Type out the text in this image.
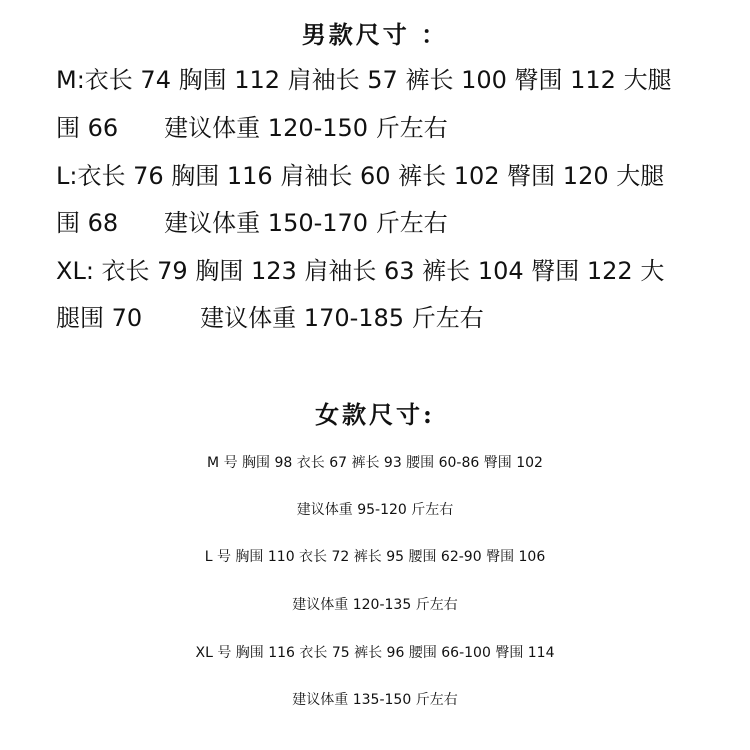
男款尺寸 ：
M:衣长 74 胸围 112 肩袖长 57 裤长 100 臀围 112 大腿
围 66 建议体重 120-150 斤左右
L:衣长 76 胸围 116 肩袖长 60 裤长 102 臀围 120 大腿
围 68 建议体重 150-170 斤左右
XL: 衣长 79 胸围 123 肩袖长 63 裤长 104 臀围 122 大
腿围 70 建议体重 170-185 斤左右
女款尺寸:
M 号 胸围 98 衣长 67 裤长 93 腰围 60-86 臀围 102
建议体重 95-120 斤左右
L 号 胸围 110 衣长 72 裤长 95 腰围 62-90 臀围 106
建议体重 120-135 斤左右
XL 号 胸围 116 衣长 75 裤长 96 腰围 66-100 臀围 114
建议体重 135-150 斤左右
